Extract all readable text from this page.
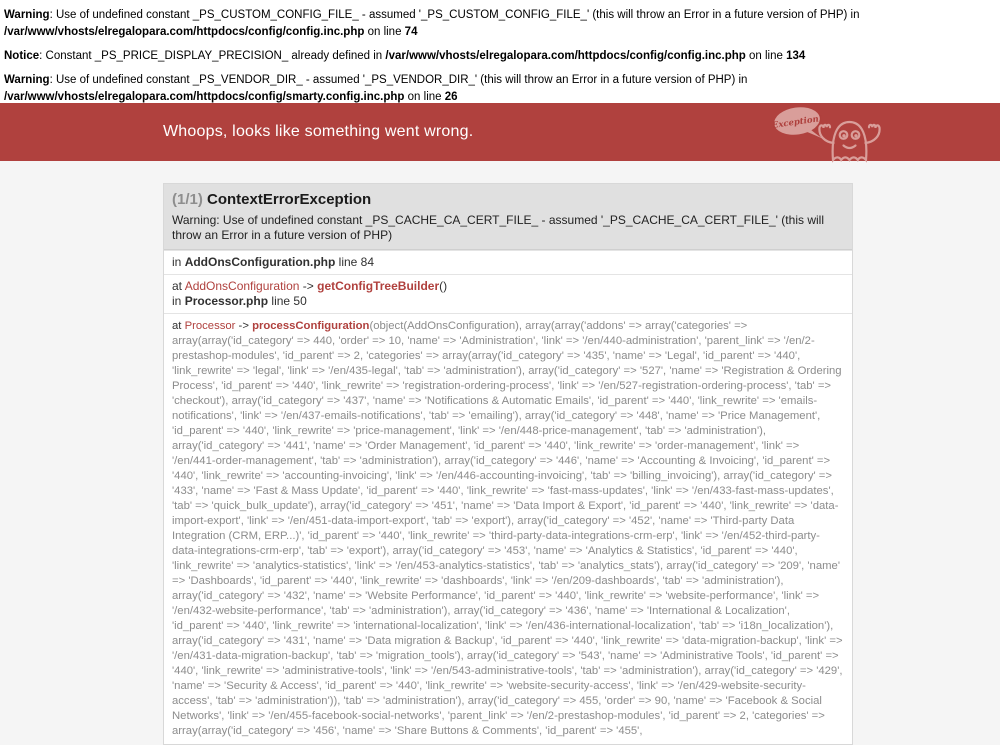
Warning: Use of undefined constant _PS_CUSTOM_CONFIG_FILE_ - assumed '_PS_CUSTOM_CONFIG_FILE_' (this will throw an Error in a future version of PHP) in /var/www/vhosts/elregalopara.com/httpdocs/config/config.inc.php on line 74
Notice: Constant _PS_PRICE_DISPLAY_PRECISION_ already defined in /var/www/vhosts/elregalopara.com/httpdocs/config/config.inc.php on line 134
Warning: Use of undefined constant _PS_VENDOR_DIR_ - assumed '_PS_VENDOR_DIR_' (this will throw an Error in a future version of PHP) in /var/www/vhosts/elregalopara.com/httpdocs/config/smarty.config.inc.php on line 26
Whoops, looks like something went wrong.
Exception!
(1/1) ContextErrorException

Warning: Use of undefined constant _PS_CACHE_CA_CERT_FILE_ - assumed '_PS_CACHE_CA_CERT_FILE_' (this will throw an Error in a future version of PHP)

in AddOnsConfiguration.php line 84
at AddOnsConfiguration -> getConfigTreeBuilder()
in Processor.php line 50
at Processor -> processConfiguration(object(AddOnsConfiguration), array(array('addons' => array('categories' => array(array('id_category' => 440, 'order' => 10, 'name' => 'Administration', 'link' => '/en/440-administration', 'parent_link' => '/en/2-prestashop-modules', 'id_parent' => 2, 'categories' => array(array('id_category' => '435', 'name' => 'Legal', 'id_parent' => '440', 'link_rewrite' => 'legal', 'link' => '/en/435-legal', 'tab' => 'administration'), array('id_category' => '527', 'name' => 'Registration & Ordering Process', 'id_parent' => '440', 'link_rewrite' => 'registration-ordering-process', 'link' => '/en/527-registration-ordering-process', 'tab' => 'checkout'), array('id_category' => '437', 'name' => 'Notifications & Automatic Emails', 'id_parent' => '440', 'link_rewrite' => 'emails-notifications', 'link' => '/en/437-emails-notifications', 'tab' => 'emailing'), array('id_category' => '448', 'name' => 'Price Management', 'id_parent' => '440', 'link_rewrite' => 'price-management', 'link' => '/en/448-price-management', 'tab' => 'administration'), array('id_category' => '441', 'name' => 'Order Management', 'id_parent' => '440', 'link_rewrite' => 'order-management', 'link' => '/en/441-order-management', 'tab' => 'administration'), array('id_category' => '446', 'name' => 'Accounting & Invoicing', 'id_parent' => '440', 'link_rewrite' => 'accounting-invoicing', 'link' => '/en/446-accounting-invoicing', 'tab' => 'billing_invoicing'), array('id_category' => '433', 'name' => 'Fast & Mass Update', 'id_parent' => '440', 'link_rewrite' => 'fast-mass-updates', 'link' => '/en/433-fast-mass-updates', 'tab' => 'quick_bulk_update'), array('id_category' => '451', 'name' => 'Data Import & Export', 'id_parent' => '440', 'link_rewrite' => 'data-import-export', 'link' => '/en/451-data-import-export', 'tab' => 'export'), array('id_category' => '452', 'name' => 'Third-party Data Integration (CRM, ERP...)', 'id_parent' => '440', 'link_rewrite' => 'third-party-data-integrations-crm-erp', 'link' => '/en/452-third-party-data-integrations-crm-erp', 'tab' => 'export'), array('id_category' => '453', 'name' => 'Analytics & Statistics', 'id_parent' => '440', 'link_rewrite' => 'analytics-statistics', 'link' => '/en/453-analytics-statistics', 'tab' => 'analytics_stats'), array('id_category' => '209', 'name' => 'Dashboards', 'id_parent' => '440', 'link_rewrite' => 'dashboards', 'link' => '/en/209-dashboards', 'tab' => 'administration'), array('id_category' => '432', 'name' => 'Website Performance', 'id_parent' => '440', 'link_rewrite' => 'website-performance', 'link' => '/en/432-website-performance', 'tab' => 'administration'), array('id_category' => '436', 'name' => 'International & Localization', 'id_parent' => '440', 'link_rewrite' => 'international-localization', 'link' => '/en/436-international-localization', 'tab' => 'i18n_localization'), array('id_category' => '431', 'name' => 'Data migration & Backup', 'id_parent' => '440', 'link_rewrite' => 'data-migration-backup', 'link' => '/en/431-data-migration-backup', 'tab' => 'migration_tools'), array('id_category' => '543', 'name' => 'Administrative Tools', 'id_parent' => '440', 'link_rewrite' => 'administrative-tools', 'link' => '/en/543-administrative-tools', 'tab' => 'administration'), array('id_category' => '429', 'name' => 'Security & Access', 'id_parent' => '440', 'link_rewrite' => 'website-security-access', 'link' => '/en/429-website-security-access', 'tab' => 'administration')), 'tab' => 'administration'), array('id_category' => 455, 'order' => 90, 'name' => 'Facebook & Social Networks', 'link' => '/en/455-facebook-social-networks', 'parent_link' => '/en/2-prestashop-modules', 'id_parent' => 2, 'categories' => array(array('id_category' => '456', 'name' => 'Share Buttons & Comments', 'id_parent' => '455',
